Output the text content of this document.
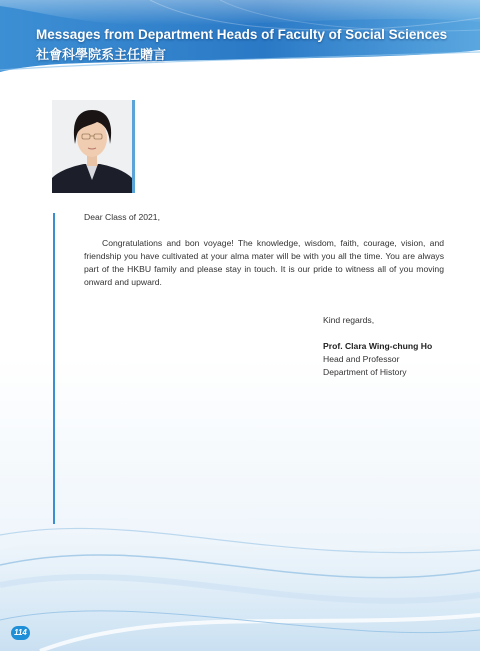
Messages from Department Heads of Faculty of Social Sciences
社會科學院系主任贈言

Dear Class of 2021,

Congratulations and bon voyage! The knowledge, wisdom, faith, courage, vision, and friendship you have cultivated at your alma mater will be with you all the time. You are always part of the HKBU family and please stay in touch. It is our pride to witness all of you moving onward and upward.

Kind regards,
Prof. Clara Wing-chung Ho
Head and Professor
Department of History
114
